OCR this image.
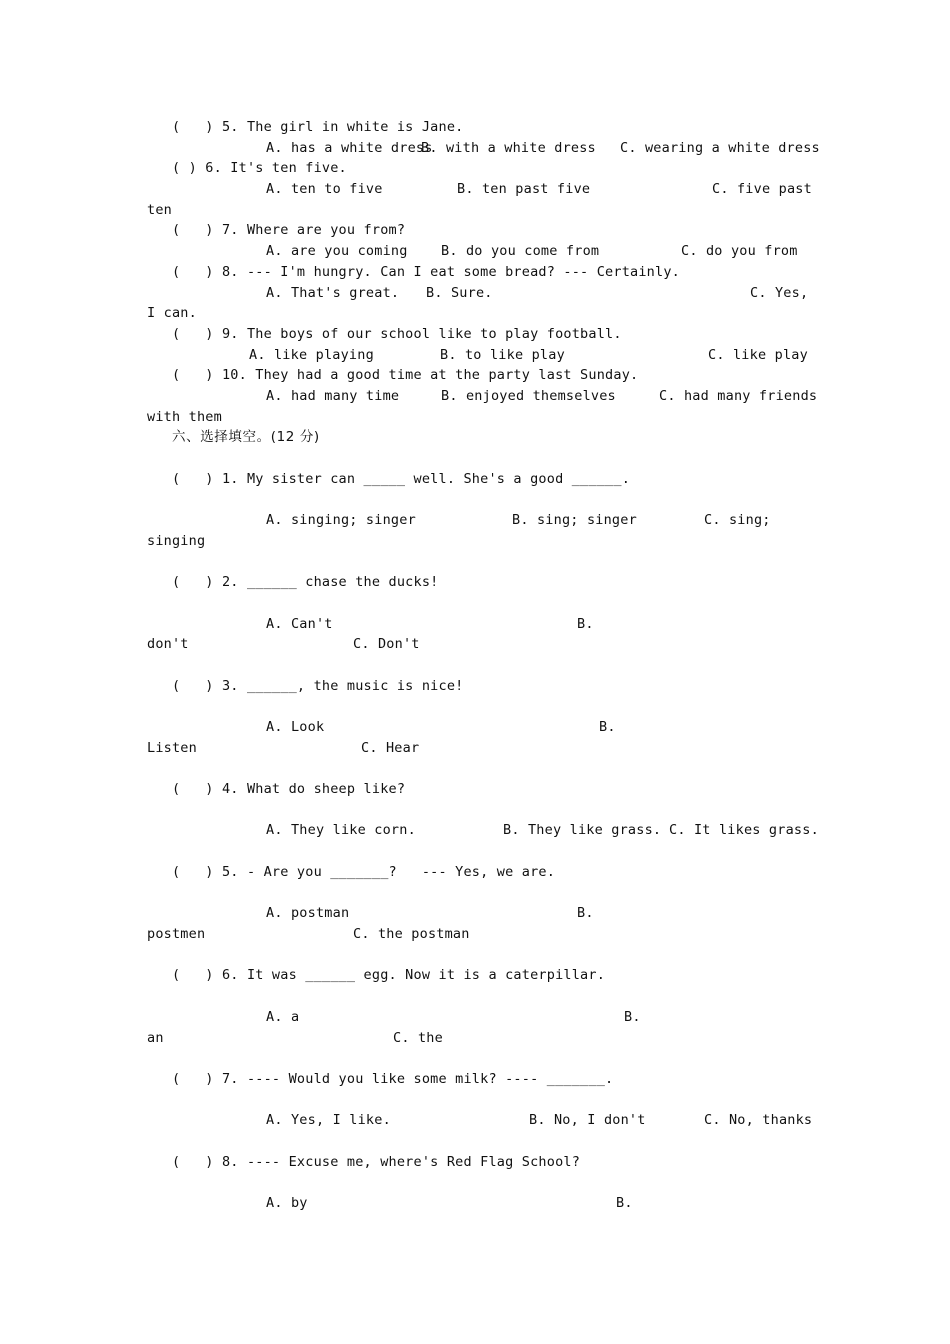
(   ) 5. The girl in white is Jane.
A. has a white dress
B. with a white dress C. wearing a white dress
( ) 6. It's ten five.
A. ten to five	B. ten past five	C. five past
ten
(   ) 7. Where are you from?
A. are you coming B. do you come from	C. do you from
(   ) 8. --- I'm hungry. Can I eat some bread? --- Certainly.
A. That's great. B. Sure.	C. Yes,
I can.
(   ) 9. The boys of our school like to play football.
A. like playing	B. to like play	C. like play
(   ) 10. They had a good time at the party last Sunday.
A. had many time	B. enjoyed themselves	C. had many friends
with them
六、选择填空。(12 分)
(   ) 1. My sister can _____ well. She's a good ______.
A. singing; singer	B. sing; singer	C. sing;
singing
(   ) 2. ______ chase the ducks!
A. Can't	B.
don't	C. Don't
(   ) 3. ______, the music is nice!
A. Look	B.
Listen	C. Hear
(   ) 4. What do sheep like?
A. They like corn.	B. They like grass. C. It likes grass.
(   ) 5. - Are you _______?   --- Yes, we are.
A. postman	B.
postmen	C. the postman
(   ) 6. It was ______ egg. Now it is a caterpillar.
A. a	B.
an	C. the
(   ) 7. ---- Would you like some milk? ---- _______.
A. Yes, I like.	B. No, I don't	C. No, thanks
(   ) 8. ---- Excuse me, where's Red Flag School?
A. by	B.
